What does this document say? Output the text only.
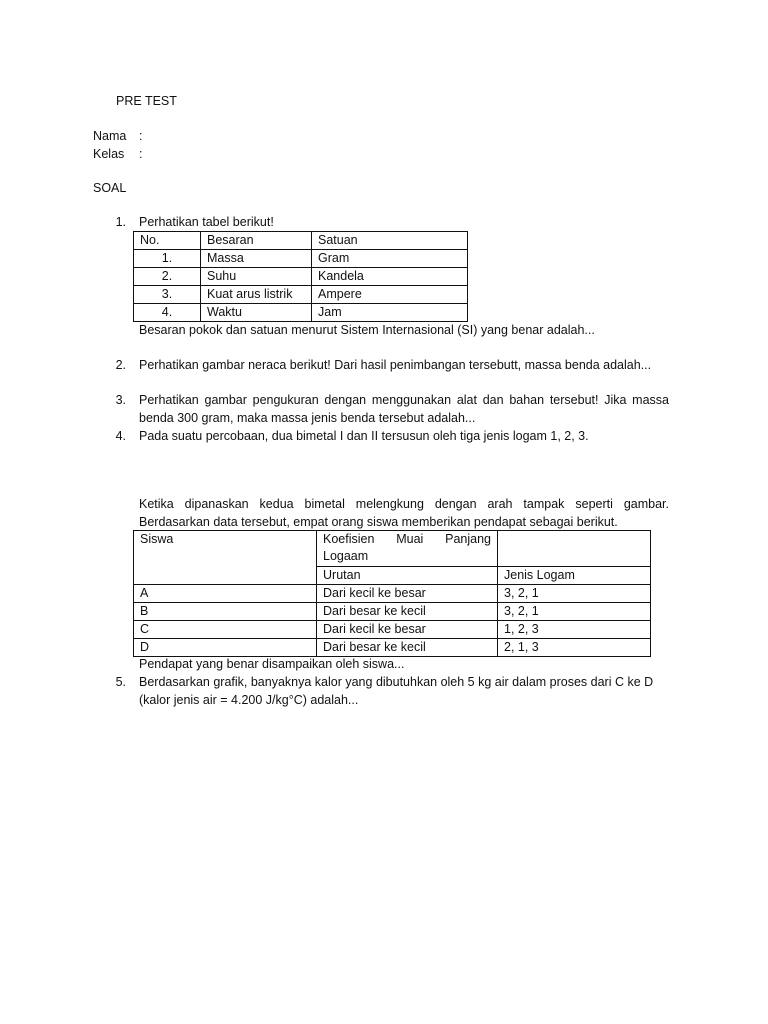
PRE TEST
Nama :
Kelas :
SOAL
1. Perhatikan tabel berikut!
No.	Besaran	Satuan
1.	Massa	Gram
2.	Suhu	Kandela
3.	Kuat arus listrik	Ampere
4.	Waktu	Jam
Besaran pokok dan satuan menurut Sistem Internasional (SI) yang benar adalah...
2. Perhatikan gambar neraca berikut! Dari hasil penimbangan tersebutt, massa benda adalah...
3. Perhatikan gambar pengukuran dengan menggunakan alat dan bahan tersebut! Jika massa benda 300 gram, maka massa jenis benda tersebut adalah...
4. Pada suatu percobaan, dua bimetal I dan II tersusun oleh tiga jenis logam 1, 2, 3.
Ketika dipanaskan kedua bimetal melengkung dengan arah tampak seperti gambar. Berdasarkan data tersebut, empat orang siswa memberikan pendapat sebagai berikut.
Siswa	Koefisien Muai Panjang Logaam	
	Urutan	Jenis Logam
A	Dari kecil ke besar	3, 2, 1
B	Dari besar ke kecil	3, 2, 1
C	Dari kecil ke besar	1, 2, 3
D	Dari besar ke kecil	2, 1, 3
Pendapat yang benar disampaikan oleh siswa...
5. Berdasarkan grafik, banyaknya kalor yang dibutuhkan oleh 5 kg air dalam proses dari C ke D
(kalor jenis air = 4.200 J/kg°C) adalah...
